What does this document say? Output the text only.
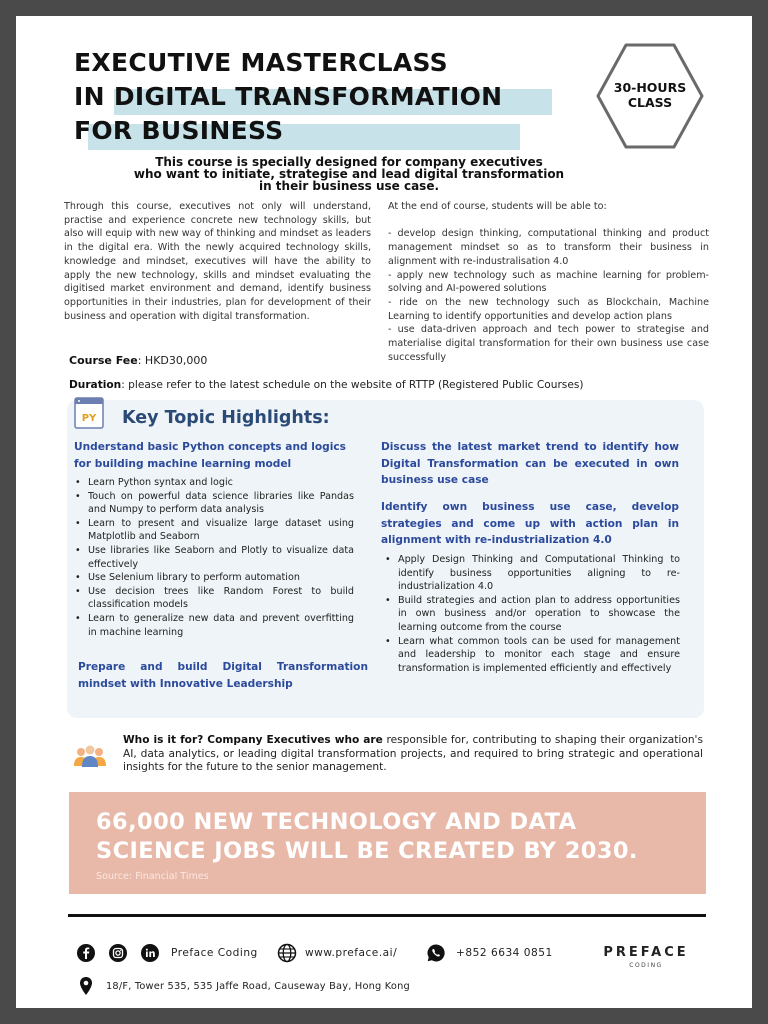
EXECUTIVE MASTERCLASS
IN DIGITAL TRANSFORMATION
FOR BUSINESS
30-HOURS
CLASS
This course is specially designed for company executives
who want to initiate, strategise and lead digital transformation
in their business use case.
Through this course, executives not only will understand, practise and experience concrete new technology skills, but also will equip with new way of thinking and mindset as leaders in the digital era. With the newly acquired technology skills, knowledge and mindset, executives will have the ability to apply the new technology, skills and mindset evaluating the digitised market environment and demand, identify business opportunities in their industries, plan for development of their business and operation with digital transformation.
At the end of course, students will be able to:
- develop design thinking, computational thinking and product management mindset so as to transform their business in alignment with re-industralisation 4.0
- apply new technology such as machine learning for problem-solving and AI-powered solutions
- ride on the new technology such as Blockchain, Machine Learning to identify opportunities and develop action plans
- use data-driven approach and tech power to strategise and materialise digital transformation for their own business use case successfully
Course Fee: HKD30,000
Duration: please refer to the latest schedule on the website of RTTP (Registered Public Courses)
PY Key Topic Highlights:
Understand basic Python concepts and logics for building machine learning model
• Learn Python syntax and logic
• Touch on powerful data science libraries like Pandas and Numpy to perform data analysis
• Learn to present and visualize large dataset using Matplotlib and Seaborn
• Use libraries like Seaborn and Plotly to visualize data effectively
• Use Selenium library to perform automation
• Use decision trees like Random Forest to build classification models
• Learn to generalize new data and prevent overfitting in machine learning
Prepare and build Digital Transformation mindset with Innovative Leadership
Discuss the latest market trend to identify how Digital Transformation can be executed in own business use case
Identify own business use case, develop strategies and come up with action plan in alignment with re-industrialization 4.0
• Apply Design Thinking and Computational Thinking to identify business opportunities aligning to re-industrialization 4.0
• Build strategies and action plan to address opportunities in own business and/or operation to showcase the learning outcome from the course
• Learn what common tools can be used for management and leadership to monitor each stage and ensure transformation is implemented efficiently and effectively
Who is it for? Company Executives who are responsible for, contributing to shaping their organization's AI, data analytics, or leading digital transformation projects, and required to bring strategic and operational insights for the future to the senior management.
66,000 NEW TECHNOLOGY AND DATA
SCIENCE JOBS WILL BE CREATED BY 2030.
Source: Financial Times
Preface Coding	www.preface.ai/	+852 6634 0851	PREFACE
CODING
18/F, Tower 535, 535 Jaffe Road, Causeway Bay, Hong Kong
